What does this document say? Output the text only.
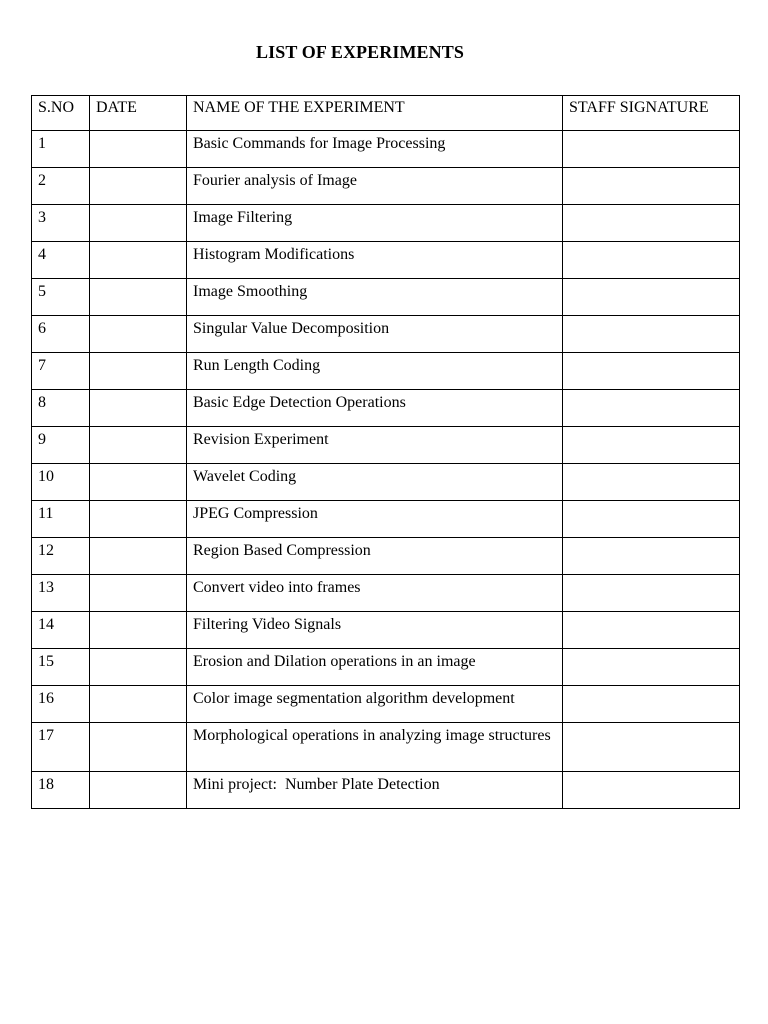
LIST OF EXPERIMENTS
S.NO	DATE	NAME OF THE EXPERIMENT	STAFF SIGNATURE
1		Basic Commands for Image Processing	
2		Fourier analysis of Image	
3		Image Filtering	
4		Histogram Modifications	
5		Image Smoothing	
6		Singular Value Decomposition	
7		Run Length Coding	
8		Basic Edge Detection Operations	
9		Revision Experiment	
10		Wavelet Coding	
11		JPEG Compression	
12		Region Based Compression	
13		Convert video into frames	
14		Filtering Video Signals	
15		Erosion and Dilation operations in an image	
16		Color image segmentation algorithm development	
17		Morphological operations in analyzing image structures	
18		Mini project:  Number Plate Detection	
